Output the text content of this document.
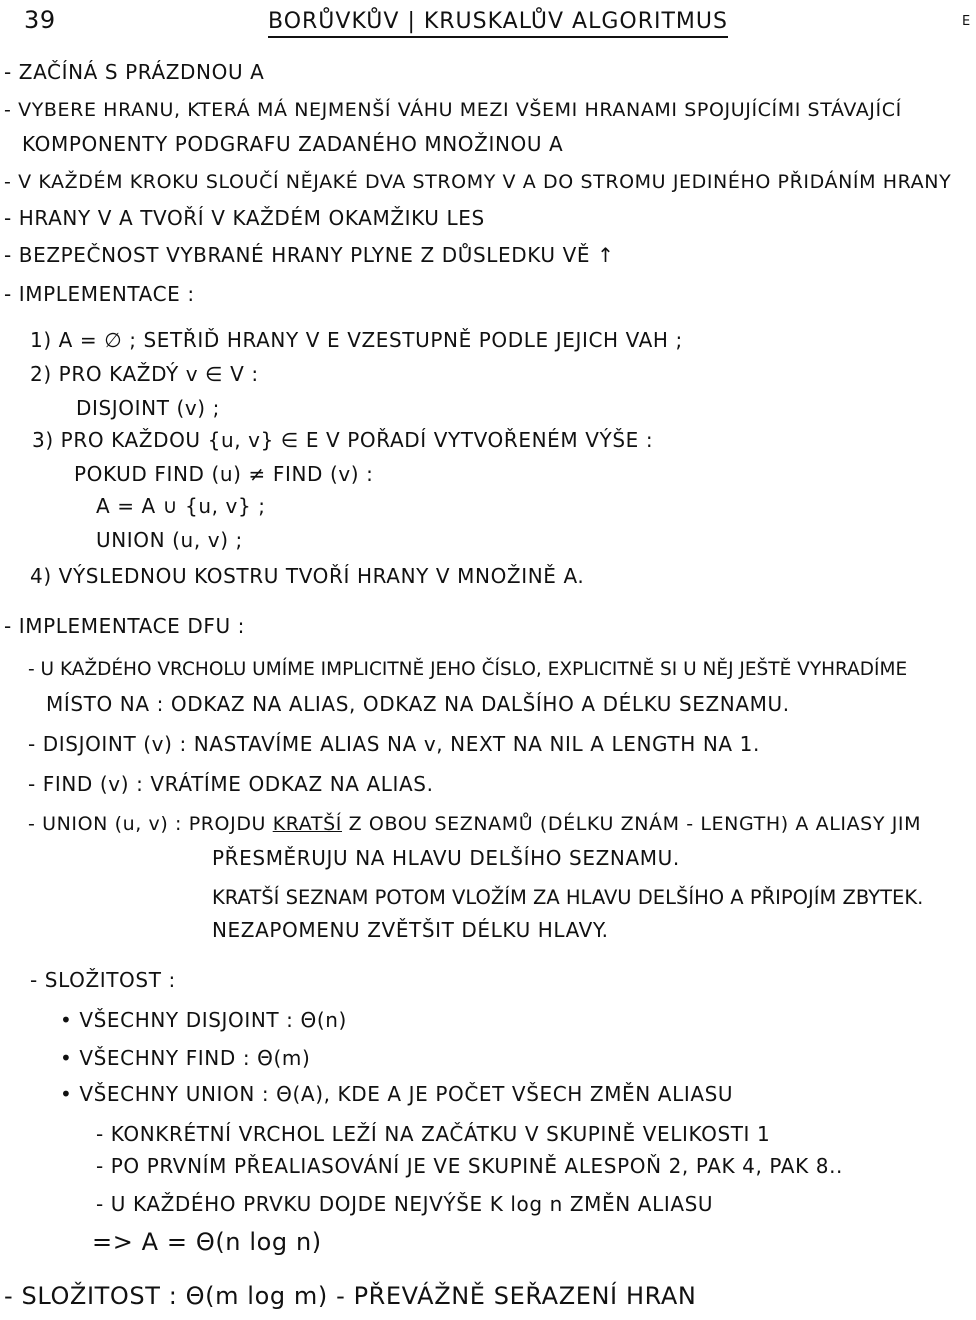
39	BORŮVKŮV | KRUSKALŮV ALGORITMUS	E
- ZAČÍNÁ S PRÁZDNOU A
- VYBERE HRANU, KTERÁ MÁ NEJMENŠÍ VÁHU MEZI VŠEMI HRANAMI SPOJUJÍCÍMI STÁVAJÍCÍ
KOMPONENTY PODGRAFU ZADANÉHO MNOŽINOU A
- V KAŽDÉM KROKU SLOUČÍ NĚJAKÉ DVA STROMY V A DO STROMU JEDINÉHO PŘIDÁNÍM HRANY
- HRANY V A TVOŘÍ V KAŽDÉM OKAMŽIKU LES
- BEZPEČNOST VYBRANÉ HRANY PLYNE Z DŮSLEDKU VĚ ↑
- IMPLEMENTACE :
1) A = ∅ ; SETŘIĎ HRANY V E VZESTUPNĚ PODLE JEJICH VAH ;
2) PRO KAŽDÝ v ∈ V :
DISJOINT (v) ;
3) PRO KAŽDOU {u, v} ∈ E V POŘADÍ VYTVOŘENÉM VÝŠE :
POKUD FIND (u) ≠ FIND (v) :
A = A ∪ {u, v} ;
UNION (u, v) ;
4) VÝSLEDNOU KOSTRU TVOŘÍ HRANY V MNOŽINĚ A.
- IMPLEMENTACE DFU :
- U KAŽDÉHO VRCHOLU UMÍME IMPLICITNĚ JEHO ČÍSLO, EXPLICITNĚ SI U NĚJ JEŠTĚ VYHRADÍME
MÍSTO NA : ODKAZ NA ALIAS, ODKAZ NA DALŠÍHO A DÉLKU SEZNAMU.
- DISJOINT (v) : NASTAVÍME ALIAS NA v, NEXT NA NIL A LENGTH NA 1.
- FIND (v) : VRÁTÍME ODKAZ NA ALIAS.
- UNION (u, v) : PROJDU KRATŠÍ Z OBOU SEZNAMŮ (DÉLKU ZNÁM - LENGTH) A ALIASY JIM
PŘESMĚRUJU NA HLAVU DELŠÍHO SEZNAMU.
KRATŠÍ SEZNAM POTOM VLOŽÍM ZA HLAVU DELŠÍHO A PŘIPOJÍM ZBYTEK.
NEZAPOMENU ZVĚTŠIT DÉLKU HLAVY.
- SLOŽITOST :
• VŠECHNY DISJOINT : Θ(n)
• VŠECHNY FIND : Θ(m)
• VŠECHNY UNION : Θ(A), KDE A JE POČET VŠECH ZMĚN ALIASU
- KONKRÉTNÍ VRCHOL LEŽÍ NA ZAČÁTKU V SKUPINĚ VELIKOSTI 1
- PO PRVNÍM PŘEALIASOVÁNÍ JE VE SKUPINĚ ALESPOŇ 2, PAK 4, PAK 8..
- U KAŽDÉHO PRVKU DOJDE NEJVÝŠE K log n ZMĚN ALIASU
=> A = Θ(n log n)
- SLOŽITOST : Θ(m log m) - PŘEVÁŽNĚ SEŘAZENÍ HRAN
